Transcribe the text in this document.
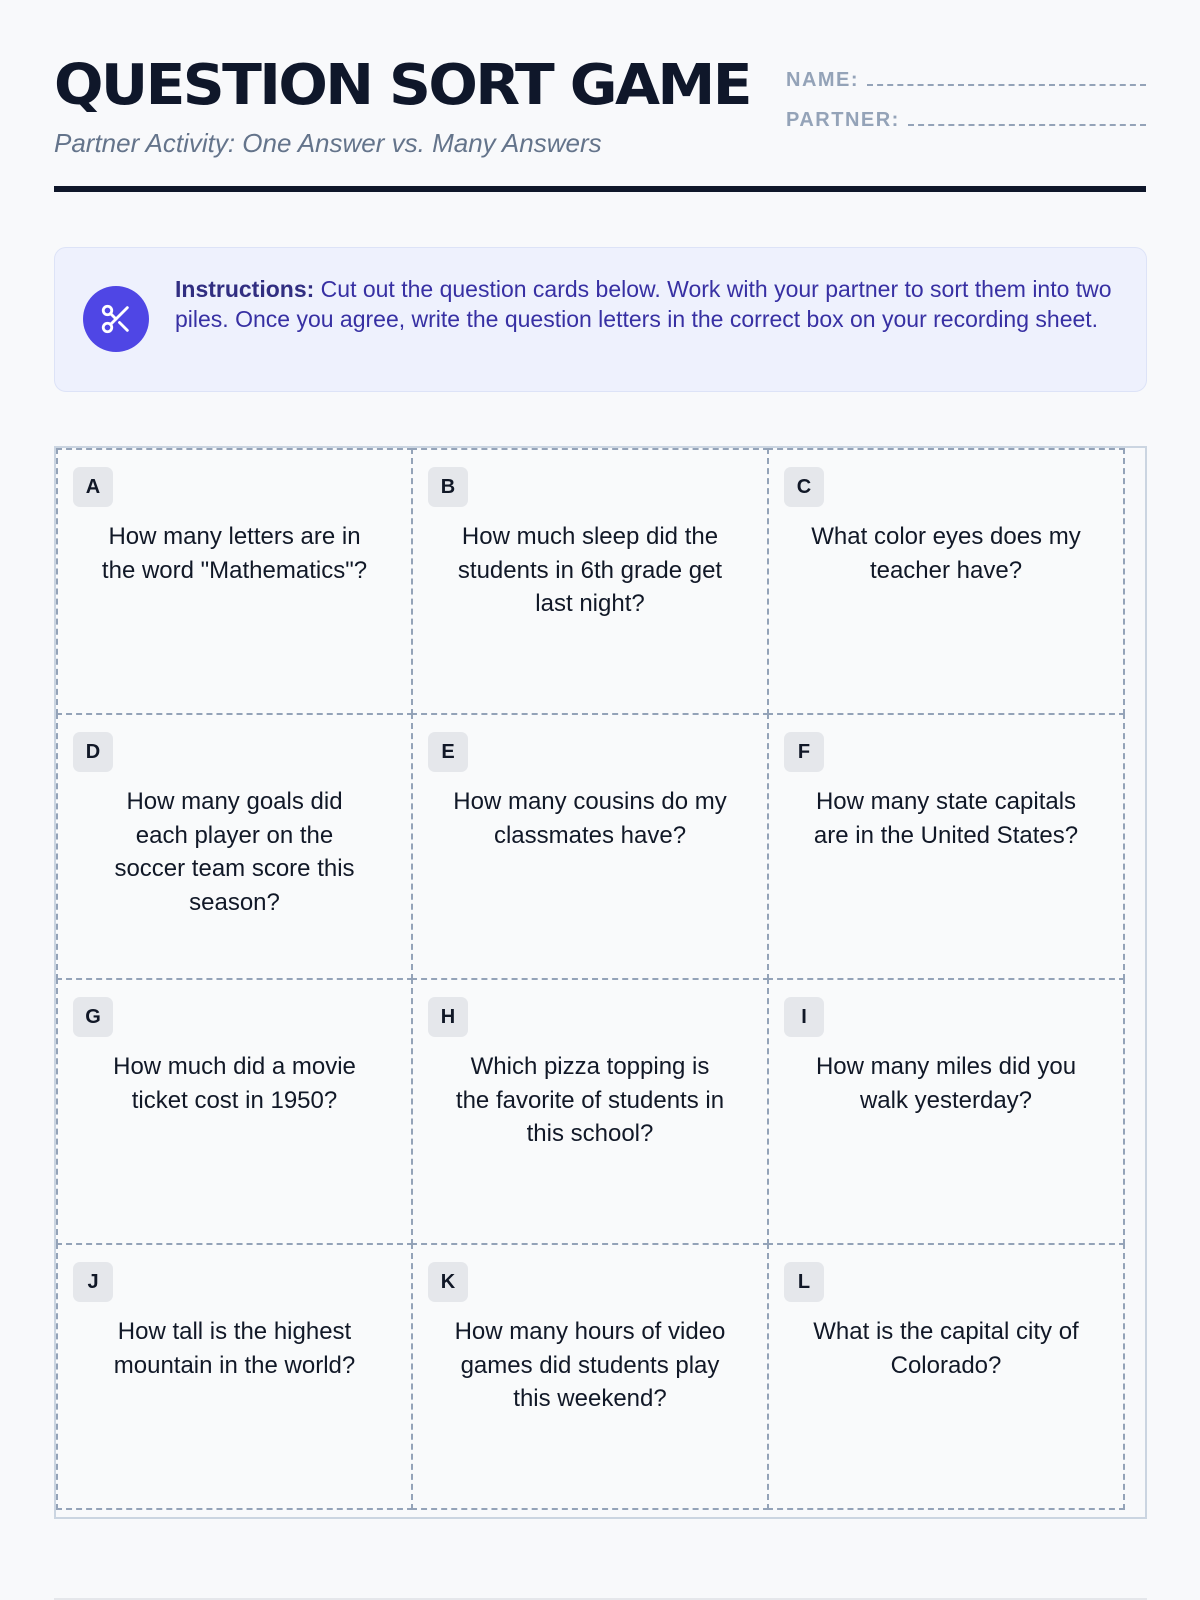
QUESTION SORT GAME
Partner Activity: One Answer vs. Many Answers
NAME:
PARTNER:
Instructions: Cut out the question cards below. Work with your partner to sort them into two piles. Once you agree, write the question letters in the correct box on your recording sheet.
A
How many letters are in the word "Mathematics"?
B
How much sleep did the students in 6th grade get last night?
C
What color eyes does my teacher have?
D
How many goals did each player on the soccer team score this season?
E
How many cousins do my classmates have?
F
How many state capitals are in the United States?
G
How much did a movie ticket cost in 1950?
H
Which pizza topping is the favorite of students in this school?
I
How many miles did you walk yesterday?
J
How tall is the highest mountain in the world?
K
How many hours of video games did students play this weekend?
L
What is the capital city of Colorado?
